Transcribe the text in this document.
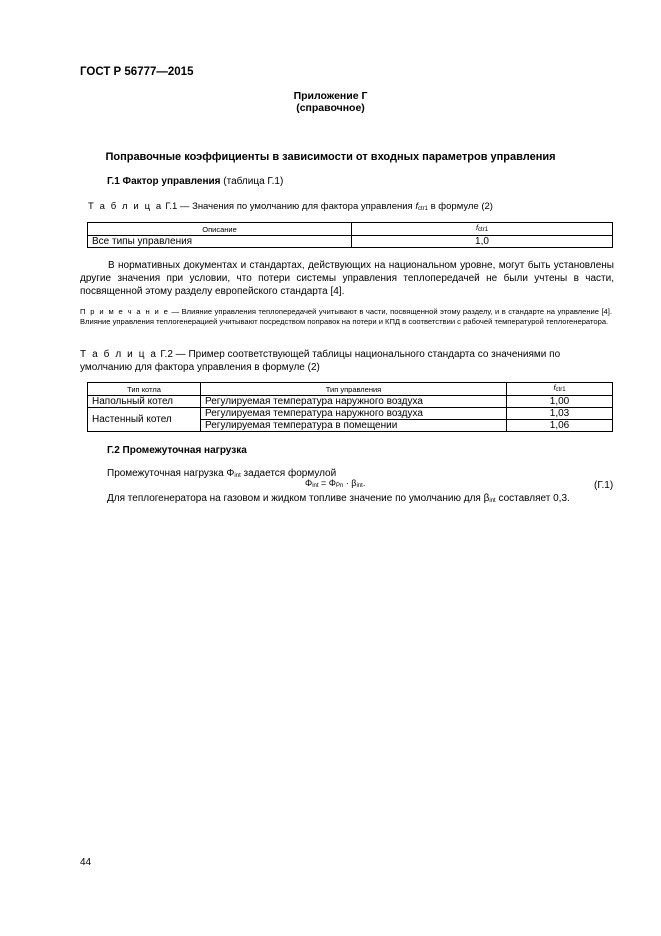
ГОСТ Р 56777—2015
Приложение Г
(справочное)
Поправочные коэффициенты в зависимости от входных параметров управления
Г.1 Фактор управления (таблица Г.1)
Т а б л и ц а Г.1 — Значения по умолчанию для фактора управления $f_{ctr1}$ в формуле (2)
Описание	$f_{ctr1}$
Все типы управления	1,0
В нормативных документах и стандартах, действующих на национальном уровне, могут быть установлены другие значения при условии, что потери системы управления теплопередачей не были учтены в части, посвященной этому разделу европейского стандарта [4].
П р и м е ч а н и е — Влияние управления теплопередачей учитывают в части, посвященной этому разделу, и в стандарте на управление [4]. Влияние управления теплогенерацией учитывают посредством поправок на потери и КПД в соответствии с рабочей температурой теплогенератора.
Т а б л и ц а Г.2 — Пример соответствующей таблицы национального стандарта со значениями по умолчанию для фактора управления в формуле (2)
Тип котла	Тип управления	$f_{ctr1}$
Напольный котел	Регулируемая температура наружного воздуха	1,00
Настенный котел	Регулируемая температура наружного воздуха	1,03
	Регулируемая температура в помещении	1,06
Г.2 Промежуточная нагрузка
Промежуточная нагрузка $\Phi_{int}$ задается формулой
$\Phi_{int} = \Phi_{Pn} \cdot \beta_{int}$.	(Г.1)
Для теплогенератора на газовом и жидком топливе значение по умолчанию для $\beta_{int}$ составляет 0,3.
44
